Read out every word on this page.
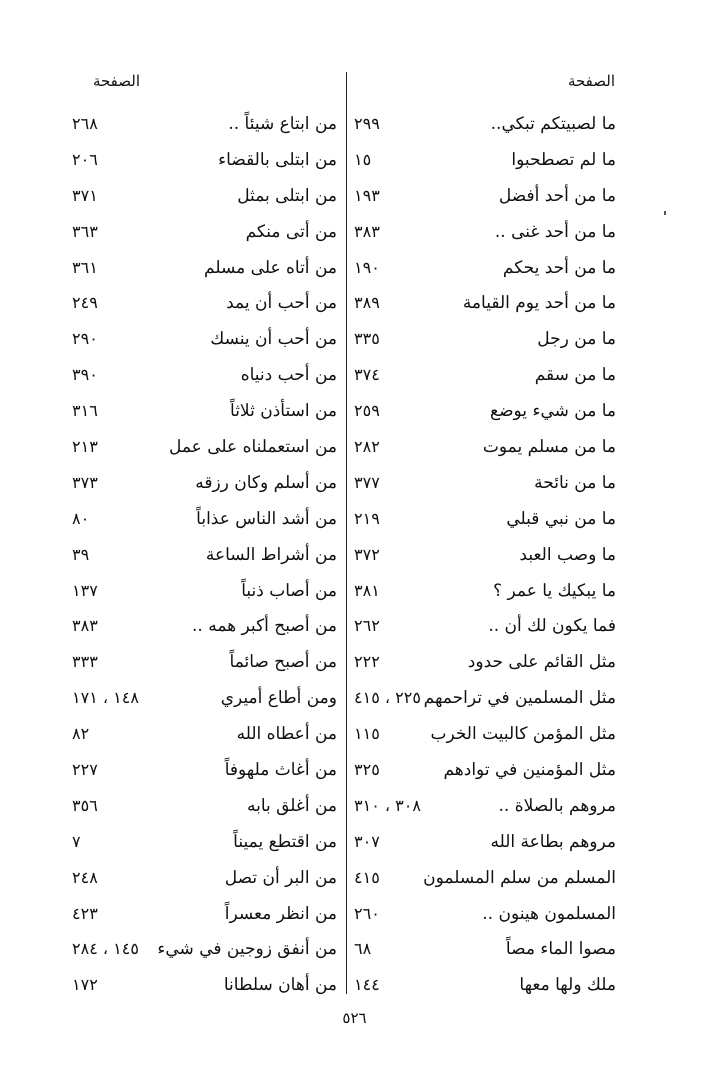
الصفحة
الصفحة
ما لصبيتكم تبكي..
٢٩٩
من ابتاع شيئاً ..
٢٦٨
ما لم تصطحبوا
١٥
من ابتلى بالقضاء
٢٠٦
ما من أحد أفضل
١٩٣
من ابتلى بمثل
٣٧١
ما من أحد غنى ..
٣٨٣
من أتى منكم
٣٦٣
ما من أحد يحكم
١٩٠
من أتاه على مسلم
٣٦١
ما من أحد يوم القيامة
٣٨٩
من أحب أن يمد
٢٤٩
ما من رجل
٣٣٥
من أحب أن ينسك
٢٩٠
ما من سقم
٣٧٤
من أحب دنياه
٣٩٠
ما من شيء يوضع
٢٥٩
من استأذن ثلاثاً
٣١٦
ما من مسلم يموت
٢٨٢
من استعملناه على عمل
٢١٣
ما من نائحة
٣٧٧
من أسلم وكان رزقه
٣٧٣
ما من نبي قبلي
٢١٩
من أشد الناس عذاباً
٨٠
ما وصب العبد
٣٧٢
من أشراط الساعة
٣٩
ما يبكيك يا عمر ؟
٣٨١
من أصاب ذنباً
١٣٧
فما يكون لك أن ..
٢٦٢
من أصبح أكبر همه ..
٣٨٣
مثل القائم على حدود
٢٢٢
من أصبح صائماً
٣٣٣
مثل المسلمين في تراحمهم
٢٢٥ ، ٤١٥
ومن أطاع أميري
١٤٨ ، ١٧١
مثل المؤمن كالبيت الخرب
١١٥
من أعطاه الله
٨٢
مثل المؤمنين في توادهم
٣٢٥
من أغاث ملهوفاً
٢٢٧
مروهم بالصلاة ..
٣٠٨ ، ٣١٠
من أغلق بابه
٣٥٦
مروهم بطاعة الله
٣٠٧
من اقتطع يميناً
٧
المسلم من سلم المسلمون
٤١٥
من البر أن تصل
٢٤٨
المسلمون هينون ..
٢٦٠
من انظر معسراً
٤٢٣
مصوا الماء مصاً
٦٨
من أنفق زوجين في شيء
١٤٥ ، ٢٨٤
ملك ولها معها
١٤٤
من أهان سلطانا
١٧٢
٥٢٦
